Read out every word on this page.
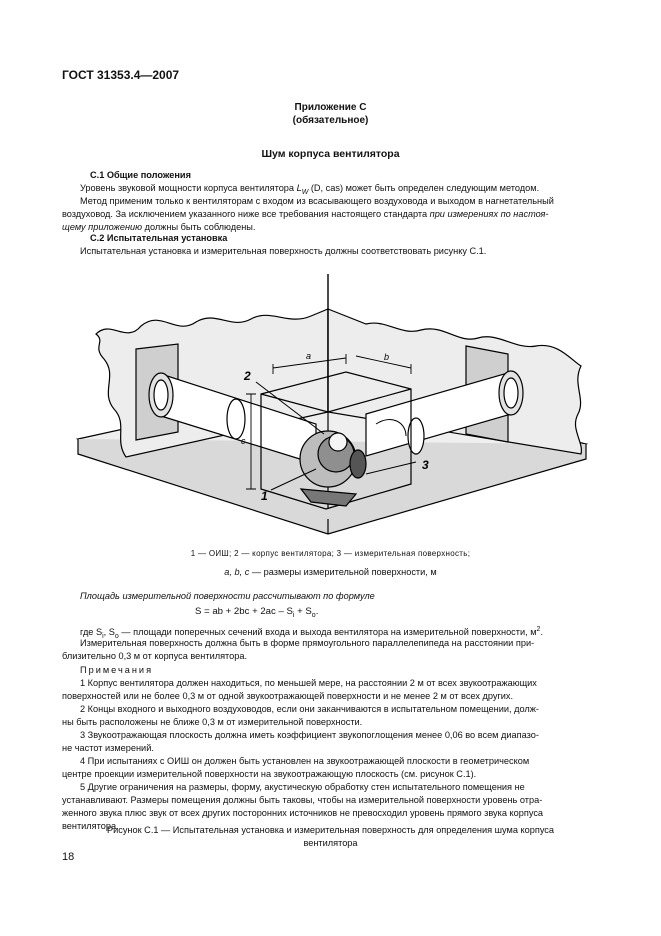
ГОСТ 31353.4—2007
Приложение С
(обязательное)
Шум корпуса вентилятора
С.1 Общие положения
Уровень звуковой мощности корпуса вентилятора $L_W$ (D, cas) может быть определен следующим методом.
Метод применим только к вентиляторам с входом из всасывающего воздуховода и выходом в нагнетательный
воздуховод. За исключением указанного ниже все требования настоящего стандарта при измерениях по настоя-
щему приложению должны быть соблюдены.
С.2 Испытательная установка
Испытательная установка и измерительная поверхность должны соответствовать рисунку С.1.
2
1
3
a	b
c
1 — ОИШ; 2 — корпус вентилятора; 3 — измерительная поверхность;
a, b, c — размеры измерительной поверхности, м
Площадь измерительной поверхности рассчитывают по формуле
S = ab + $2bc + 2ac - S_i + S_o$.
где $S_i$, $S_o$ — площади поперечных сечений входа и выхода вентилятора на измерительной поверхности, $м^2$.
Измерительная поверхность должна быть в форме прямоугольного параллелепипеда на расстоянии при-
близительно 0,3 м от корпуса вентилятора.
Примечания
1 Корпус вентилятора должен находиться, по меньшей мере, на расстоянии 2 м от всех звукоотражающих
поверхностей или не более 0,3 м от одной звукоотражающей поверхности и не менее 2 м от всех других.
2 Концы входного и выходного воздуховодов, если они заканчиваются в испытательном помещении, долж-
ны быть расположены не ближе 0,3 м от измерительной поверхности.
3 Звукоотражающая плоскость должна иметь коэффициент звукопоглощения менее 0,06 во всем диапазо-
не частот измерений.
4 При испытаниях с ОИШ он должен быть установлен на звукоотражающей плоскости в геометрическом
центре проекции измерительной поверхности на звукоотражающую плоскость (см. рисунок С.1).
5 Другие ограничения на размеры, форму, акустическую обработку стен испытательного помещения не
устанавливают. Размеры помещения должны быть таковы, чтобы на измерительной поверхности уровень отра-
женного звука плюс звук от всех других посторонних источников не превосходил уровень прямого звука корпуса
вентилятора.
Рисунок С.1 — Испытательная установка и измерительная поверхность для определения шума корпуса
вентилятора
18
